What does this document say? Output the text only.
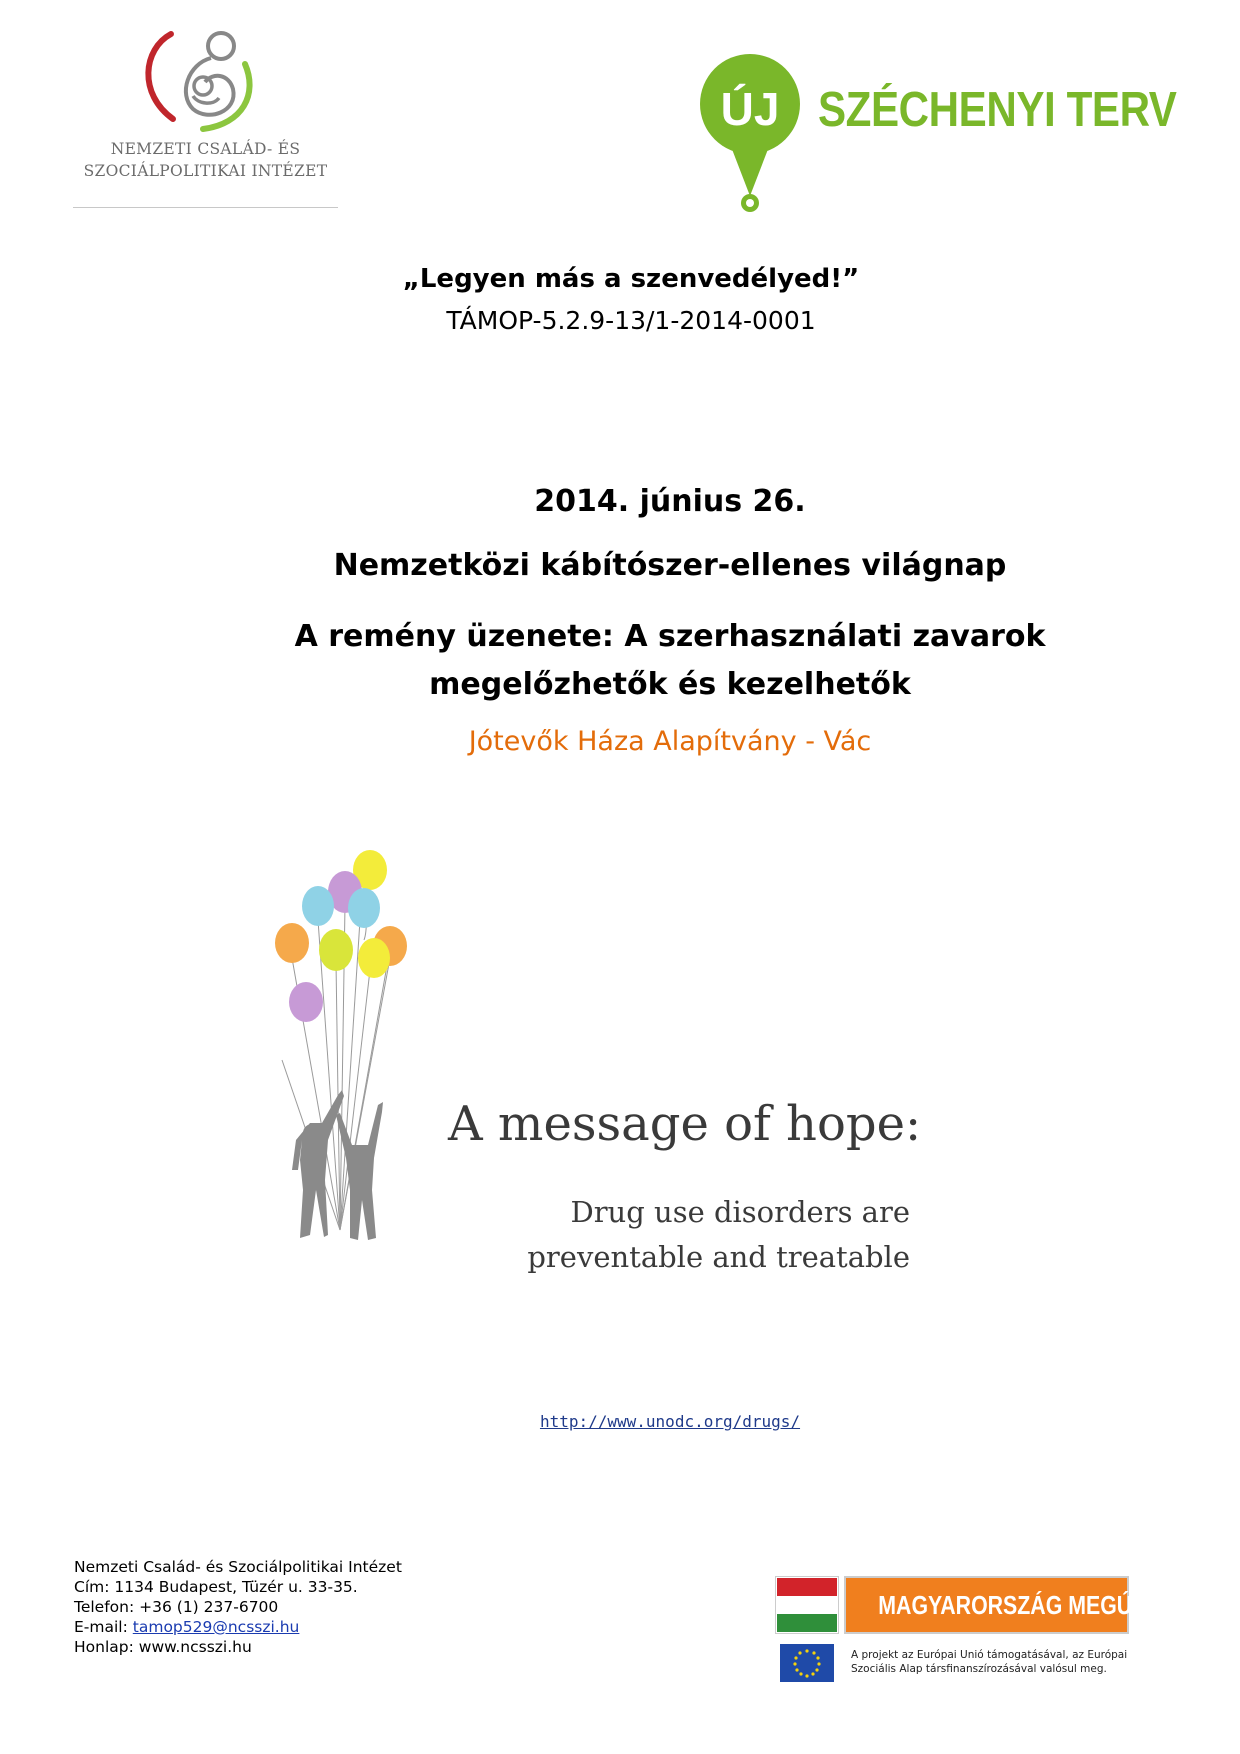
NEMZETI CSALÁD- ÉS
SZOCIÁLPOLITIKAI INTÉZET
ÚJ SZÉCHENYI TERV
„Legyen más a szenvedélyed!”
TÁMOP-5.2.9-13/1-2014-0001
2014. június 26.
Nemzetközi kábítószer-ellenes világnap
A remény üzenete: A szerhasználati zavarok megelőzhetők és kezelhetők
Jótevők Háza Alapítvány - Vác
A message of hope:
Drug use disorders are
preventable and treatable
http://www.unodc.org/drugs/
Nemzeti Család- és Szociálpolitikai Intézet
Cím: 1134 Budapest, Tüzér u. 33-35.
Telefon: +36 (1) 237-6700
E-mail: tamop529@ncsszi.hu
Honlap: www.ncsszi.hu
MAGYARORSZÁG MEGÚJUL
A projekt az Európai Unió támogatásával, az Európai
Szociális Alap társfinanszírozásával valósul meg.
